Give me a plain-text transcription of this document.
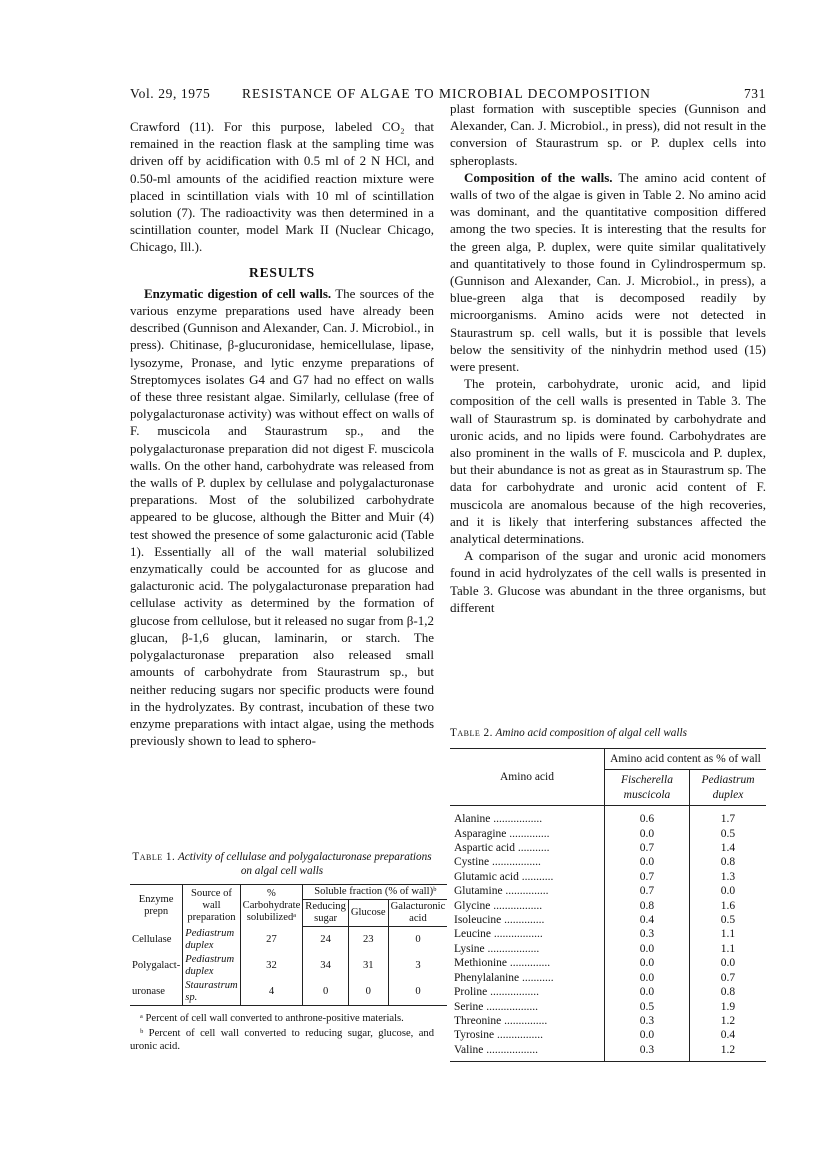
Vol. 29, 1975 RESISTANCE OF ALGAE TO MICROBIAL DECOMPOSITION	731

Crawford (11). For this purpose, labeled CO₂ that remained in the reaction flask at the sampling time was driven off by acidification with 0.5 ml of 2 N HCl, and 0.50-ml amounts of the acidified reaction mixture were placed in scintillation vials with 10 ml of scintillation solution (7). The radioactivity was then determined in a scintillation counter, model Mark II (Nuclear Chicago, Chicago, Ill.).

RESULTS

Enzymatic digestion of cell walls. The sources of the various enzyme preparations used have already been described (Gunnison and Alexander, Can. J. Microbiol., in press). Chitinase, β-glucuronidase, hemicellulase, lipase, lysozyme, Pronase, and lytic enzyme preparations of Streptomyces isolates G4 and G7 had no effect on walls of these three resistant algae. Similarly, cellulase (free of polygalacturonase activity) was without effect on walls of F. muscicola and Staurastrum sp., and the polygalacturonase preparation did not digest F. muscicola walls. On the other hand, carbohydrate was released from the walls of P. duplex by cellulase and polygalacturonase preparations. Most of the solubilized carbohydrate appeared to be glucose, although the Bitter and Muir (4) test showed the presence of some galacturonic acid (Table 1). Essentially all of the wall material solubilized enzymatically could be accounted for as glucose and galacturonic acid. The polygalacturonase preparation had cellulase activity as determined by the formation of glucose from cellulose, but it released no sugar from β-1,2 glucan, β-1,6 glucan, laminarin, or starch. The polygalacturonase preparation also released small amounts of carbohydrate from Staurastrum sp., but neither reducing sugars nor specific products were found in the hydrolyzates. By contrast, incubation of these two enzyme preparations with intact algae, using the methods previously shown to lead to sphero-

Table 1. Activity of cellulase and polygalacturonase preparations on algal cell walls
Enzyme prepn	Source of wall preparation	% Carbohydrate solubilizedᵃ	Soluble fraction (% of wall)ᵇ		
			Reducing sugar	Glucose	Galacturonic acid
Cellulase	Pediastrum duplex	27	24	23	0
Polygalact-	Pediastrum duplex	32	34	31	3
uronase	Staurastrum sp.	4	0	0	0
ᵃ Percent of cell wall converted to anthrone-positive materials.
ᵇ Percent of cell wall converted to reducing sugar, glucose, and uronic acid.

plast formation with susceptible species (Gunnison and Alexander, Can. J. Microbiol., in press), did not result in the conversion of Staurastrum sp. or P. duplex cells into spheroplasts.

Composition of the walls. The amino acid content of walls of two of the algae is given in Table 2. No amino acid was dominant, and the quantitative composition differed among the two species. It is interesting that the results for the green alga, P. duplex, were quite similar qualitatively and quantitatively to those found in Cylindrospermum sp. (Gunnison and Alexander, Can. J. Microbiol., in press), a blue-green alga that is decomposed readily by microorganisms. Amino acids were not detected in Staurastrum sp. cell walls, but it is possible that levels below the sensitivity of the ninhydrin method used (15) were present.

The protein, carbohydrate, uronic acid, and lipid composition of the cell walls is presented in Table 3. The wall of Staurastrum sp. is dominated by carbohydrate and uronic acids, and no lipids were found. Carbohydrates are also prominent in the walls of F. muscicola and P. duplex, but their abundance is not as great as in Staurastrum sp. The data for carbohydrate and uronic acid content of F. muscicola are anomalous because of the high recoveries, and it is likely that interfering substances affected the analytical determinations.

A comparison of the sugar and uronic acid monomers found in acid hydrolyzates of the cell walls is presented in Table 3. Glucose was abundant in the three organisms, but different

Table 2. Amino acid composition of algal cell walls
Amino acid	Amino acid content as % of wall	
	Fischerella muscicola	Pediastrum duplex
Alanine .................	0.6	1.7
Asparagine ..............	0.0	0.5
Aspartic acid ...........	0.7	1.4
Cystine .................	0.0	0.8
Glutamic acid ...........	0.7	1.3
Glutamine ...............	0.7	0.0
Glycine .................	0.8	1.6
Isoleucine ..............	0.4	0.5
Leucine .................	0.3	1.1
Lysine ..................	0.0	1.1
Methionine ..............	0.0	0.0
Phenylalanine ...........	0.0	0.7
Proline .................	0.0	0.8
Serine ..................	0.5	1.9
Threonine ...............	0.3	1.2
Tyrosine ................	0.0	0.4
Valine ..................	0.3	1.2
